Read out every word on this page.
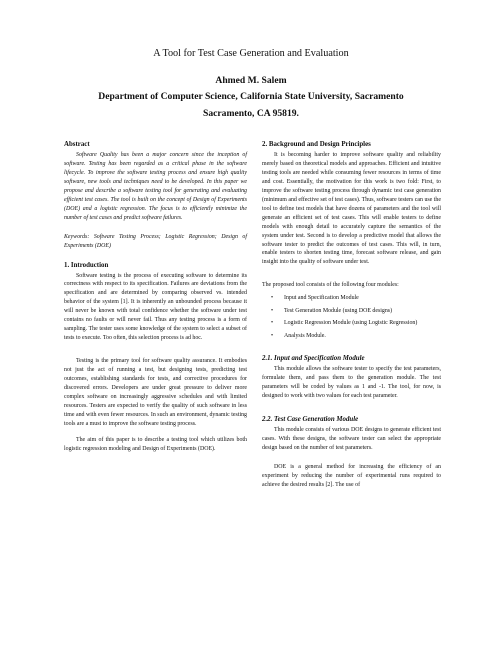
A Tool for Test Case Generation and Evaluation
Ahmed M. Salem
Department of Computer Science, California State University, Sacramento
Sacramento, CA 95819.
Abstract

Software Quality has been a major concern since the inception of software. Testing has been regarded as a critical phase in the software lifecycle. To improve the software testing process and ensure high quality software, new tools and techniques need to be developed. In this paper we propose and describe a software testing tool for generating and evaluating efficient test cases. The tool is built on the concept of Design of Experiments (DOE) and a logistic regression. The focus is to efficiently minimize the number of test cases and predict software failures.

Keywords: Software Testing Process; Logistic Regression; Design of Experiments (DOE)

1. Introduction

Software testing is the process of executing software to determine its correctness with respect to its specification. Failures are deviations from the specification and are determined by comparing observed vs. intended behavior of the system [1]. It is inherently an unbounded process because it will never be known with total confidence whether the software under test contains no faults or will never fail. Thus any testing process is a form of sampling. The tester uses some knowledge of the system to select a subset of tests to execute. Too often, this selection process is ad hoc.

Testing is the primary tool for software quality assurance. It embodies not just the act of running a test, but designing tests, predicting test outcomes, establishing standards for tests, and corrective procedures for discovered errors. Developers are under great pressure to deliver more complex software on increasingly aggressive schedules and with limited resources. Testers are expected to verify the quality of such software in less time and with even fewer resources. In such an environment, dynamic testing tools are a must to improve the software testing process.

The aim of this paper is to describe a testing tool which utilizes both logistic regression modeling and Design of Experiments (DOE).

2. Background and Design Principles

It is becoming harder to improve software quality and reliability merely based on theoretical models and approaches. Efficient and intuitive testing tools are needed while consuming fewer resources in terms of time and cost. Essentially, the motivation for this work is two fold: First, to improve the software testing process through dynamic test case generation (minimum and effective set of test cases). Thus, software testers can use the tool to define test models that have dozens of parameters and the tool will generate an efficient set of test cases. This will enable testers to define models with enough detail to accurately capture the semantics of the system under test. Second is to develop a predictive model that allows the software tester to predict the outcomes of test cases. This will, in turn, enable testers to shorten testing time, forecast software release, and gain insight into the quality of software under test.

The proposed tool consists of the following four modules:

• Input and Specification Module
• Test Generation Module (using DOE designs)
• Logistic Regression Module (using Logistic Regression)
• Analysis Module.
2.1. Input and Specification Module

This module allows the software tester to specify the test parameters, formulate them, and pass them to the generation module. The test parameters will be coded by values as 1 and -1. The tool, for now, is designed to work with two values for each test parameter.

2.2. Test Case Generation Module

This module consists of various DOE designs to generate efficient test cases. With these designs, the software tester can select the appropriate design based on the number of test parameters.

DOE is a general method for increasing the efficiency of an experiment by reducing the number of experimental runs required to achieve the desired results [2]. The use of
